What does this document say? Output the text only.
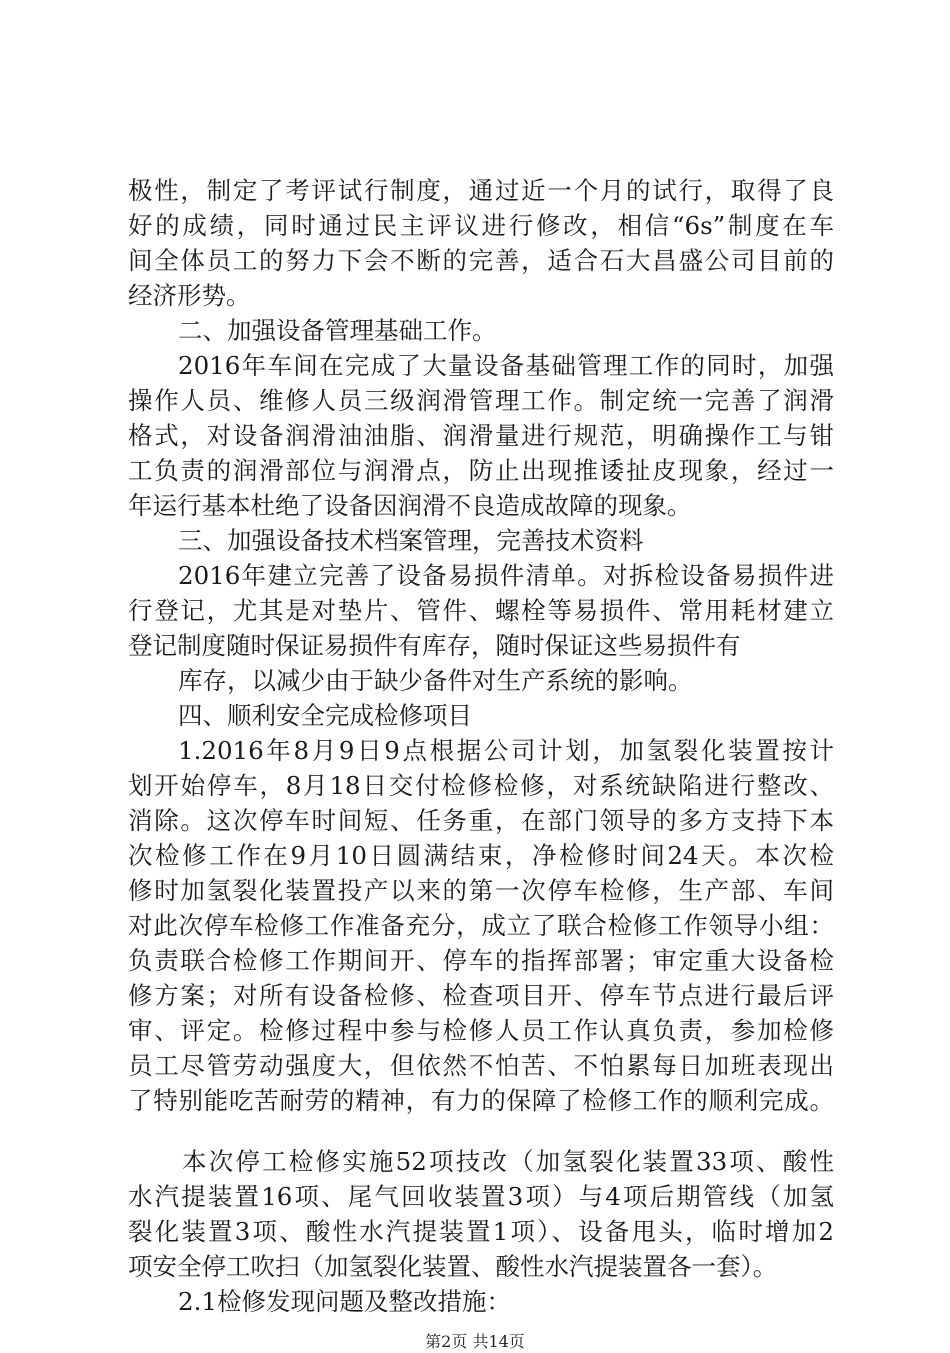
极性，制定了考评试行制度，通过近一个月的试行，取得了良
好的成绩，同时通过民主评议进行修改，相信“6s”制度在车
间全体员工的努力下会不断的完善，适合石大昌盛公司目前的
经济形势。
二、加强设备管理基础工作。
2016年车间在完成了大量设备基础管理工作的同时，加强
操作人员、维修人员三级润滑管理工作。制定统一完善了润滑
格式，对设备润滑油油脂、润滑量进行规范，明确操作工与钳
工负责的润滑部位与润滑点，防止出现推诿扯皮现象，经过一
年运行基本杜绝了设备因润滑不良造成故障的现象。
三、加强设备技术档案管理，完善技术资料
2016年建立完善了设备易损件清单。对拆检设备易损件进
行登记，尤其是对垫片、管件、螺栓等易损件、常用耗材建立
登记制度随时保证易损件有库存，随时保证这些易损件有
库存，以减少由于缺少备件对生产系统的影响。
四、顺利安全完成检修项目
1.2016年8月9日9点根据公司计划，加氢裂化装置按计
划开始停车，8月18日交付检修检修，对系统缺陷进行整改、
消除。这次停车时间短、任务重，在部门领导的多方支持下本
次检修工作在9月10日圆满结束，净检修时间24天。本次检
修时加氢裂化装置投产以来的第一次停车检修，生产部、车间
对此次停车检修工作准备充分，成立了联合检修工作领导小组：
负责联合检修工作期间开、停车的指挥部署；审定重大设备检
修方案；对所有设备检修、检查项目开、停车节点进行最后评
审、评定。检修过程中参与检修人员工作认真负责，参加检修
员工尽管劳动强度大，但依然不怕苦、不怕累每日加班表现出
了特别能吃苦耐劳的精神，有力的保障了检修工作的顺利完成。
本次停工检修实施52项技改（加氢裂化装置33项、酸性
水汽提装置16项、尾气回收装置3项）与4项后期管线（加氢
裂化装置3项、酸性水汽提装置1项）、设备甩头，临时增加2
项安全停工吹扫（加氢裂化装置、酸性水汽提装置各一套）。
2.1检修发现问题及整改措施：
第2页 共14页
